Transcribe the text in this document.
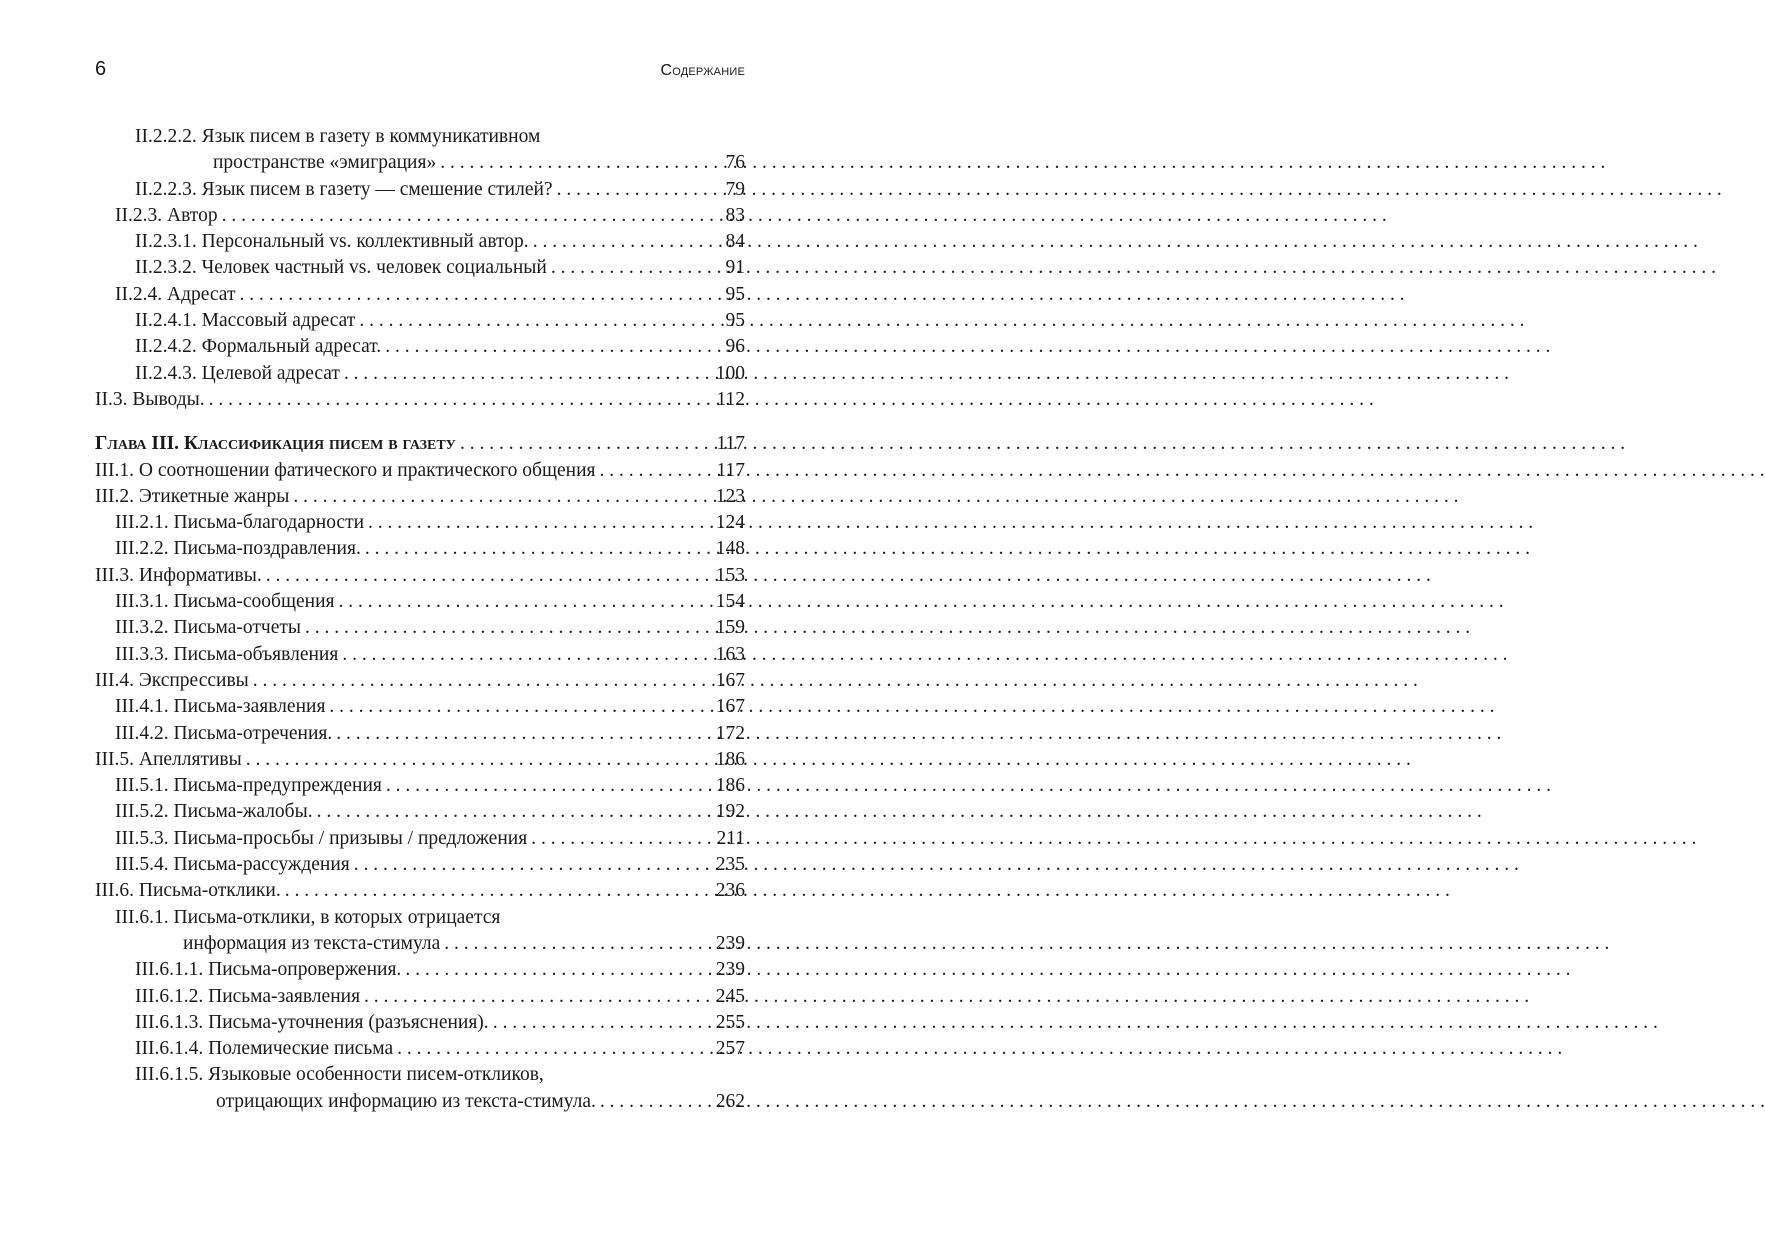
6	Содержание
II.2.2.2. Язык писем в газету в коммуникативном
пространстве «эмиграция» . . .	76
II.2.2.3. Язык писем в газету — смешение стилей? . . .	79
II.2.3. Автор . . .	83
II.2.3.1. Персональный vs. коллективный автор. . . .	84
II.2.3.2. Человек частный vs. человек социальный . . .	91
II.2.4. Адресат . . .	95
II.2.4.1. Массовый адресат . . .	95
II.2.4.2. Формальный адресат. . . .	96
II.2.4.3. Целевой адресат . . .	100
II.3. Выводы. . . .	112
Глава III. Классификация писем в газету . . .	117
III.1. О соотношении фатического и практического общения . . .	117
III.2. Этикетные жанры . . .	123
III.2.1. Письма-благодарности . . .	124
III.2.2. Письма-поздравления. . . .	148
III.3. Информативы. . . .	153
III.3.1. Письма-сообщения . . .	154
III.3.2. Письма-отчеты . . .	159
III.3.3. Письма-объявления . . .	163
III.4. Экспрессивы . . .	167
III.4.1. Письма-заявления . . .	167
III.4.2. Письма-отречения. . . .	172
III.5. Апеллятивы . . .	186
III.5.1. Письма-предупреждения . . .	186
III.5.2. Письма-жалобы. . . .	192
III.5.3. Письма-просьбы / призывы / предложения . . .	211
III.5.4. Письма-рассуждения . . .	235
III.6. Письма-отклики. . . .	236
III.6.1. Письма-отклики, в которых отрицается
информация из текста-стимула . . .	239
III.6.1.1. Письма-опровержения. . . .	239
III.6.1.2. Письма-заявления . . .	245
III.6.1.3. Письма-уточнения (разъяснения). . . .	255
III.6.1.4. Полемические письма . . .	257
III.6.1.5. Языковые особенности писем-откликов,
отрицающих информацию из текста-стимула. . . .	262
